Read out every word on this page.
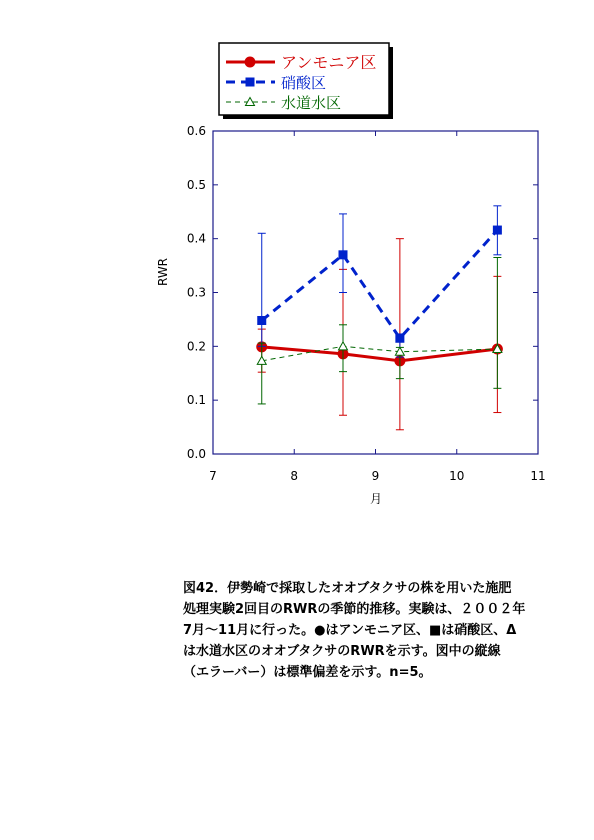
アンモニア区
硝酸区
水道水区
7	8	9	10	11
0.0
0.1
0.2
0.3
0.4
0.5
0.6
RWR
月
図42．伊勢崎で採取したオオブタクサの株を用いた施肥
処理実験2回目のRWRの季節的推移。実験は、２００２年
7月～11月に行った。●はアンモニア区、■は硝酸区、Δ
は水道水区のオオブタクサのRWRを示す。図中の縦線
（エラーバー）は標準偏差を示す。n=5。
